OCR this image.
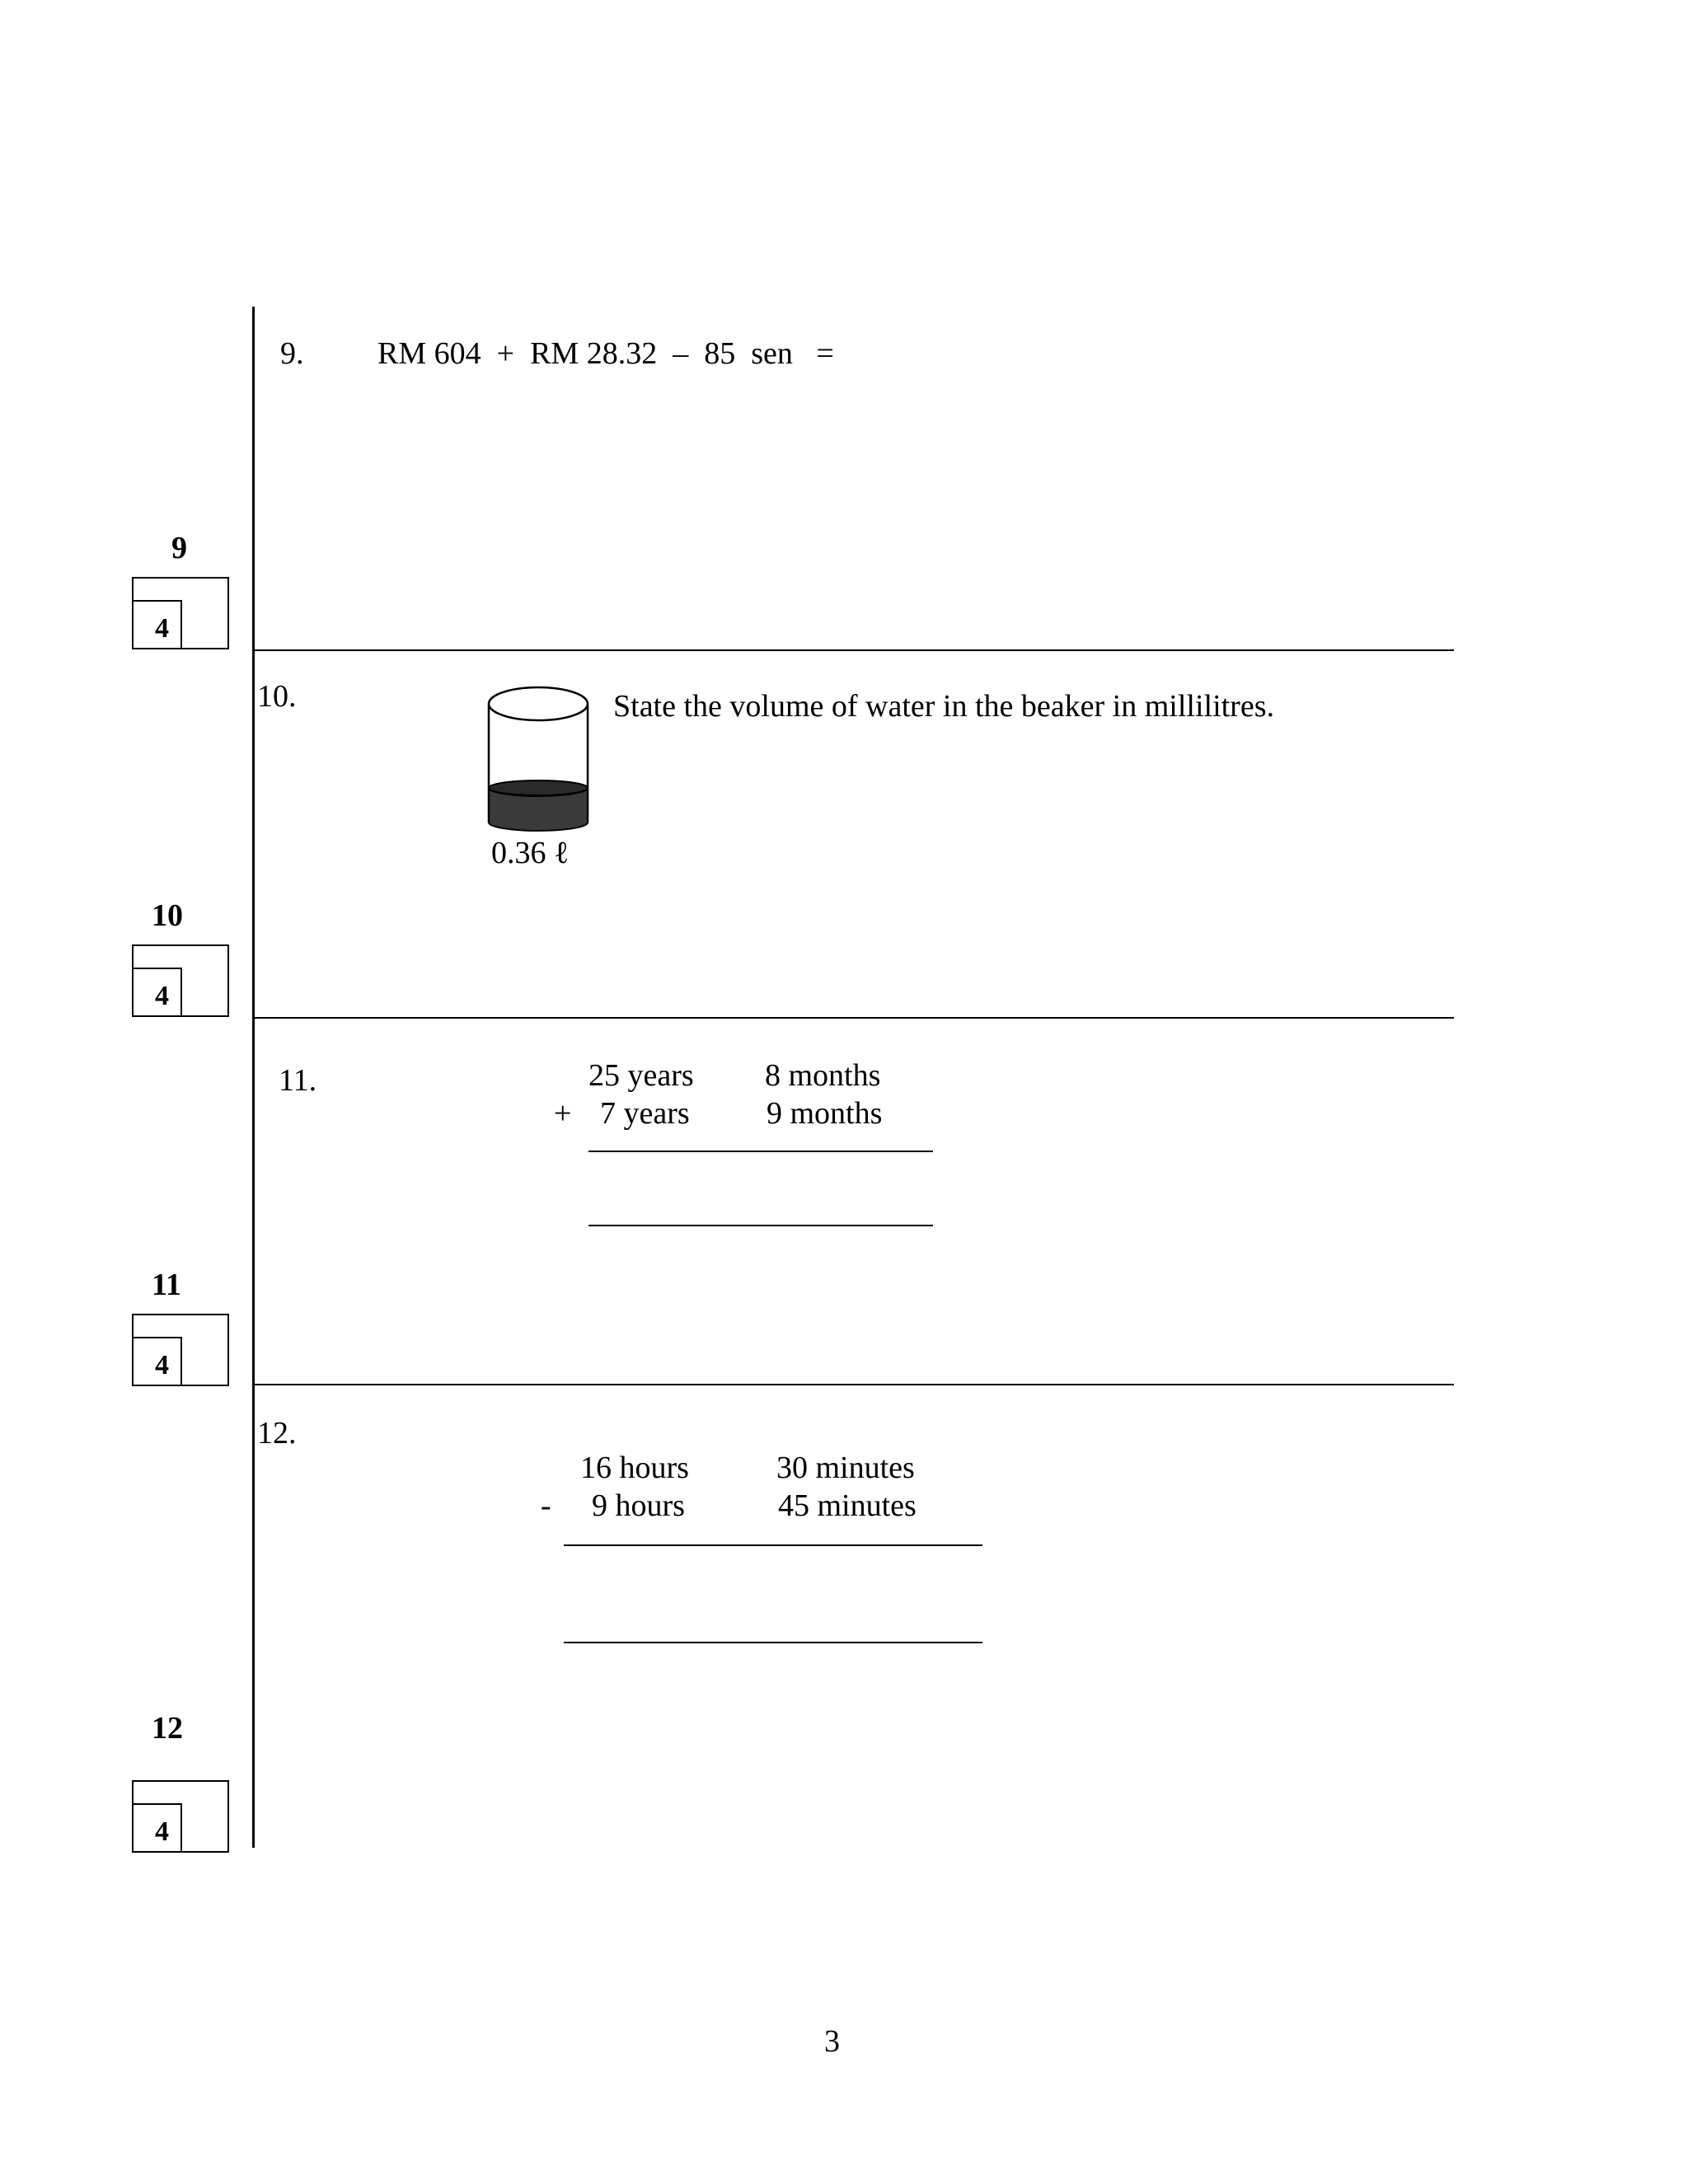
9. RM 604  +  RM 28.32  –  85  sen   =
9
4
10.	State the volume of water in the beaker in millilitres.
0.36 ℓ
10
4
11.	25 years 8 months
+ 7 years 9 months
11
4
12.
16 hours	30 minutes
- 9 hours	45 minutes
12
4
3
